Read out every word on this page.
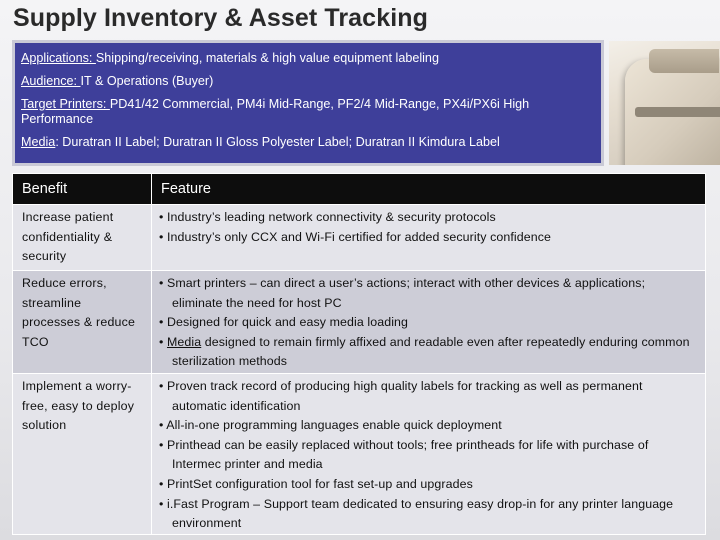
Supply Inventory & Asset Tracking
Applications: Shipping/receiving, materials & high value equipment labeling
Audience: IT & Operations (Buyer)
Target Printers: PD41/42 Commercial, PM4i Mid-Range, PF2/4 Mid-Range, PX4i/PX6i High Performance
Media: Duratran II Label; Duratran II Gloss Polyester Label; Duratran II Kimdura Label
Benefit	Feature
Increase patient confidentiality & security	• Industry’s leading network connectivity & security protocols
• Industry’s only CCX and Wi-Fi certified for added security confidence

Reduce errors, streamline processes & reduce TCO	• Smart printers – can direct a user’s actions; interact with other devices & applications; eliminate the need for host PC
• Designed for quick and easy media loading
• Media designed to remain firmly affixed and readable even after repeatedly enduring common sterilization methods

Implement a worry-free, easy to deploy solution	• Proven track record of producing high quality labels for tracking as well as permanent automatic identification
• All-in-one programming languages enable quick deployment
• Printhead can be easily replaced without tools; free printheads for life with purchase of Intermec printer and media
• PrintSet configuration tool for fast set-up and upgrades
• i.Fast Program – Support team dedicated to ensuring easy drop-in for any printer language environment
